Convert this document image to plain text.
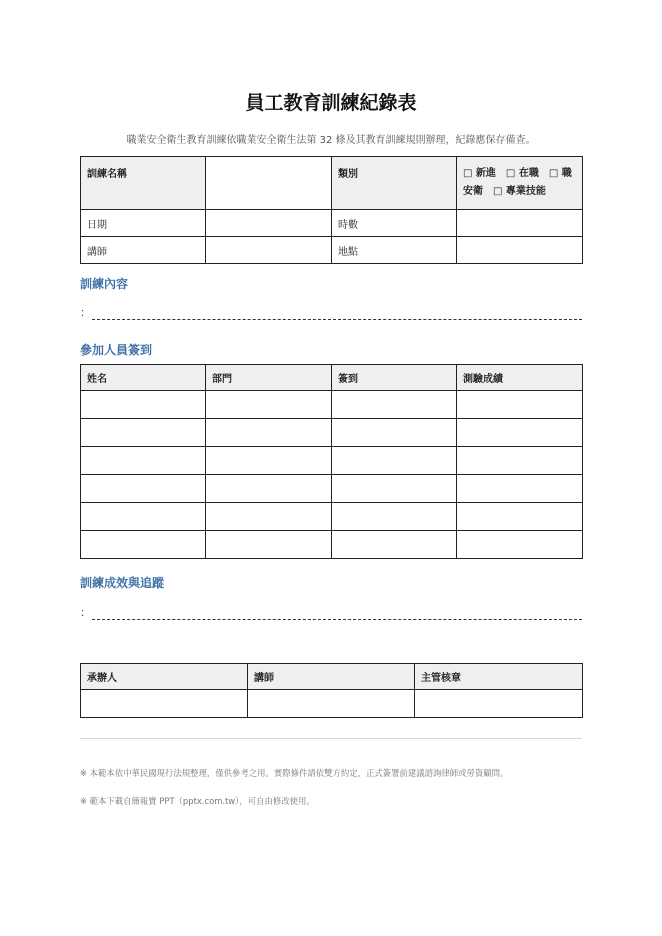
員工教育訓練紀錄表
職業安全衛生教育訓練依職業安全衛生法第 32 條及其教育訓練規則辦理，紀錄應保存備查。
訓練名稱		類別	□ 新進　□ 在職　□ 職安衛　□ 專業技能
日期		時數	
講師		地點	
訓練內容
：
參加人員簽到
姓名	部門	簽到	測驗成績

訓練成效與追蹤
：
承辦人	講師	主管核章

※ 本範本依中華民國現行法規整理，僅供參考之用。實際條件請依雙方約定，正式簽署前建議諮詢律師或勞資顧問。
※ 範本下載自簡報寶 PPT（pptx.com.tw），可自由修改使用。
